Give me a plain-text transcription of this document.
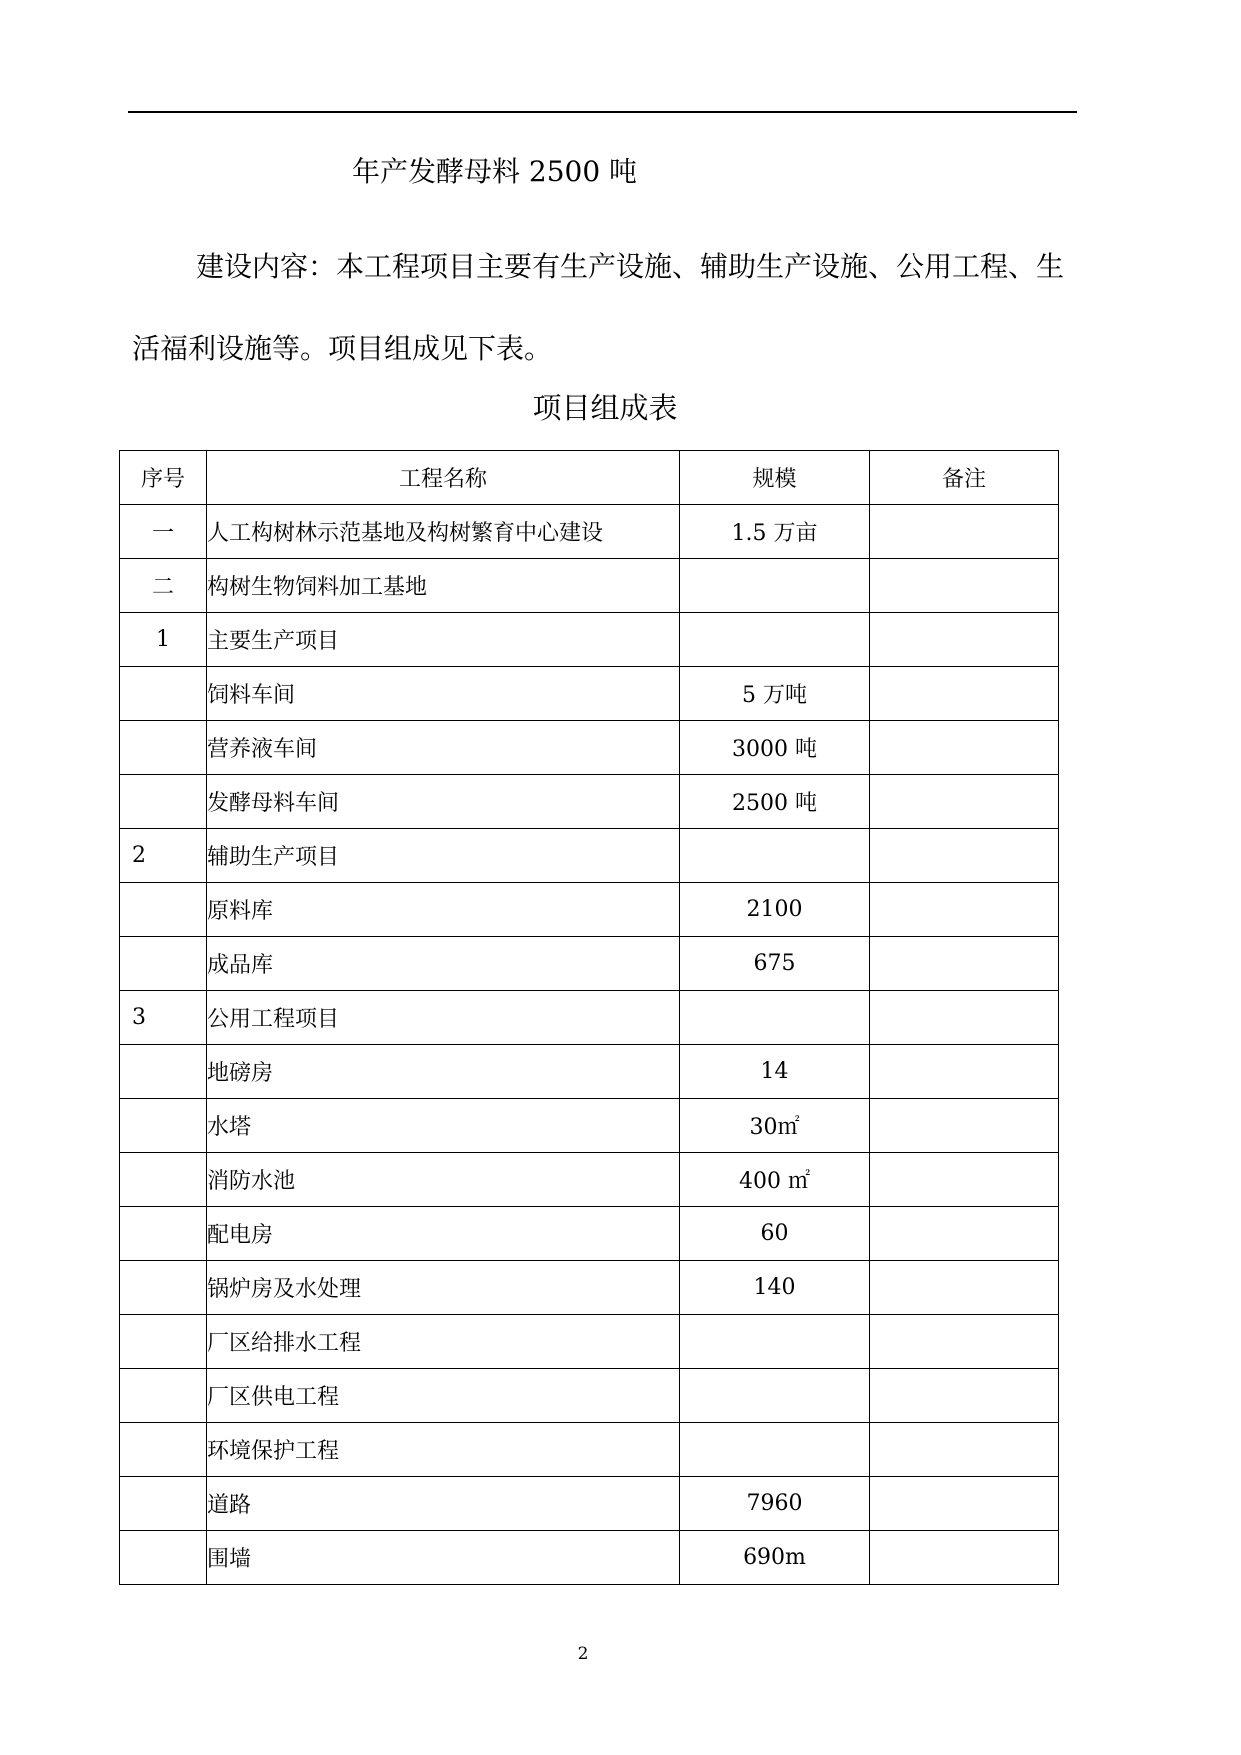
年产发酵母料 2500 吨
建设内容：本工程项目主要有生产设施、辅助生产设施、公用工程、生活福利设施等。项目组成见下表。
项目组成表
序号	工程名称	规模	备注
一	人工构树林示范基地及构树繁育中心建设	1.5 万亩	
二	构树生物饲料加工基地		
1	主要生产项目		
	饲料车间	5 万吨	
	营养液车间	3000 吨	
	发酵母料车间	2500 吨	
2	辅助生产项目		
	原料库	2100	
	成品库	675	
3	公用工程项目		
	地磅房	14	
	水塔	30㎡	
	消防水池	400 ㎡	
	配电房	60	
	锅炉房及水处理	140	
	厂区给排水工程		
	厂区供电工程		
	环境保护工程		
	道路	7960	
	围墙	690m	
2
